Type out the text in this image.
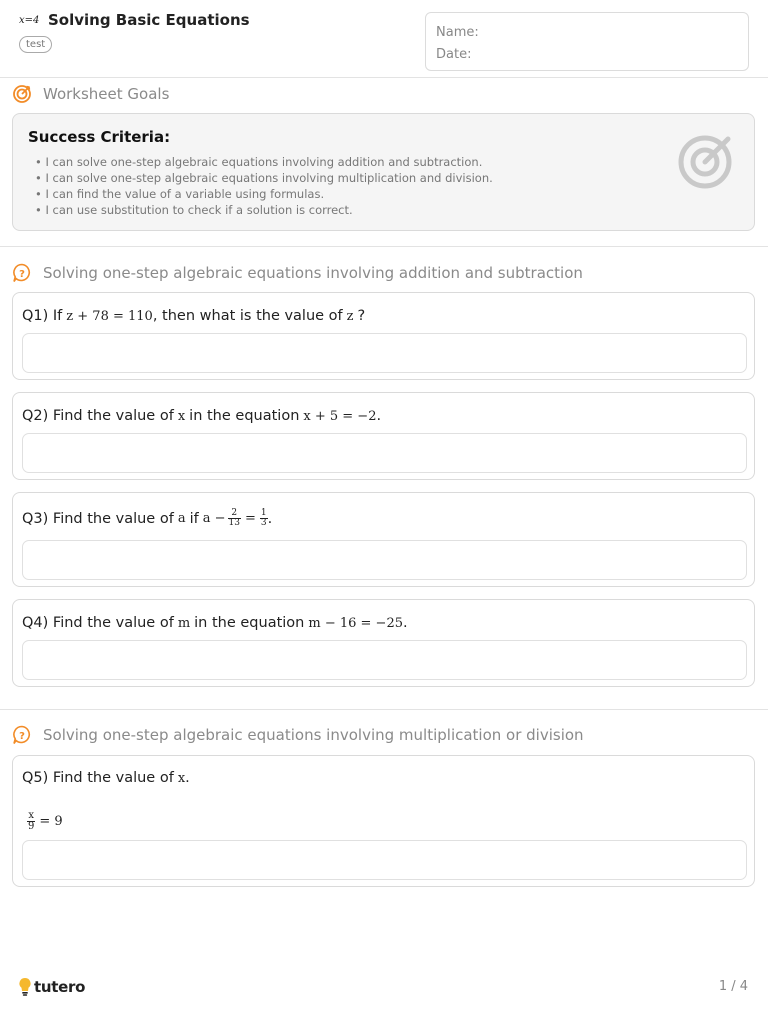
x=4 Solving Basic Equations
test
Name:
Date:
Worksheet Goals
Success Criteria:
• I can solve one-step algebraic equations involving addition and subtraction.
• I can solve one-step algebraic equations involving multiplication and division.
• I can find the value of a variable using formulas.
• I can use substitution to check if a solution is correct.
? Solving one-step algebraic equations involving addition and subtraction
Q1) If z + 78 = 110 , then what is the value of z ?
Q2) Find the value of x in the equation x + 5 = −2 .
Q3) Find the value of a if $a - \frac{2}{13} = \frac{1}{3}$ .
Q4) Find the value of m in the equation m − 16 = −25 .
? Solving one-step algebraic equations involving multiplication or division
Q5) Find the value of x .
$\frac{x}{9} = 9$
tutero	1 / 4
